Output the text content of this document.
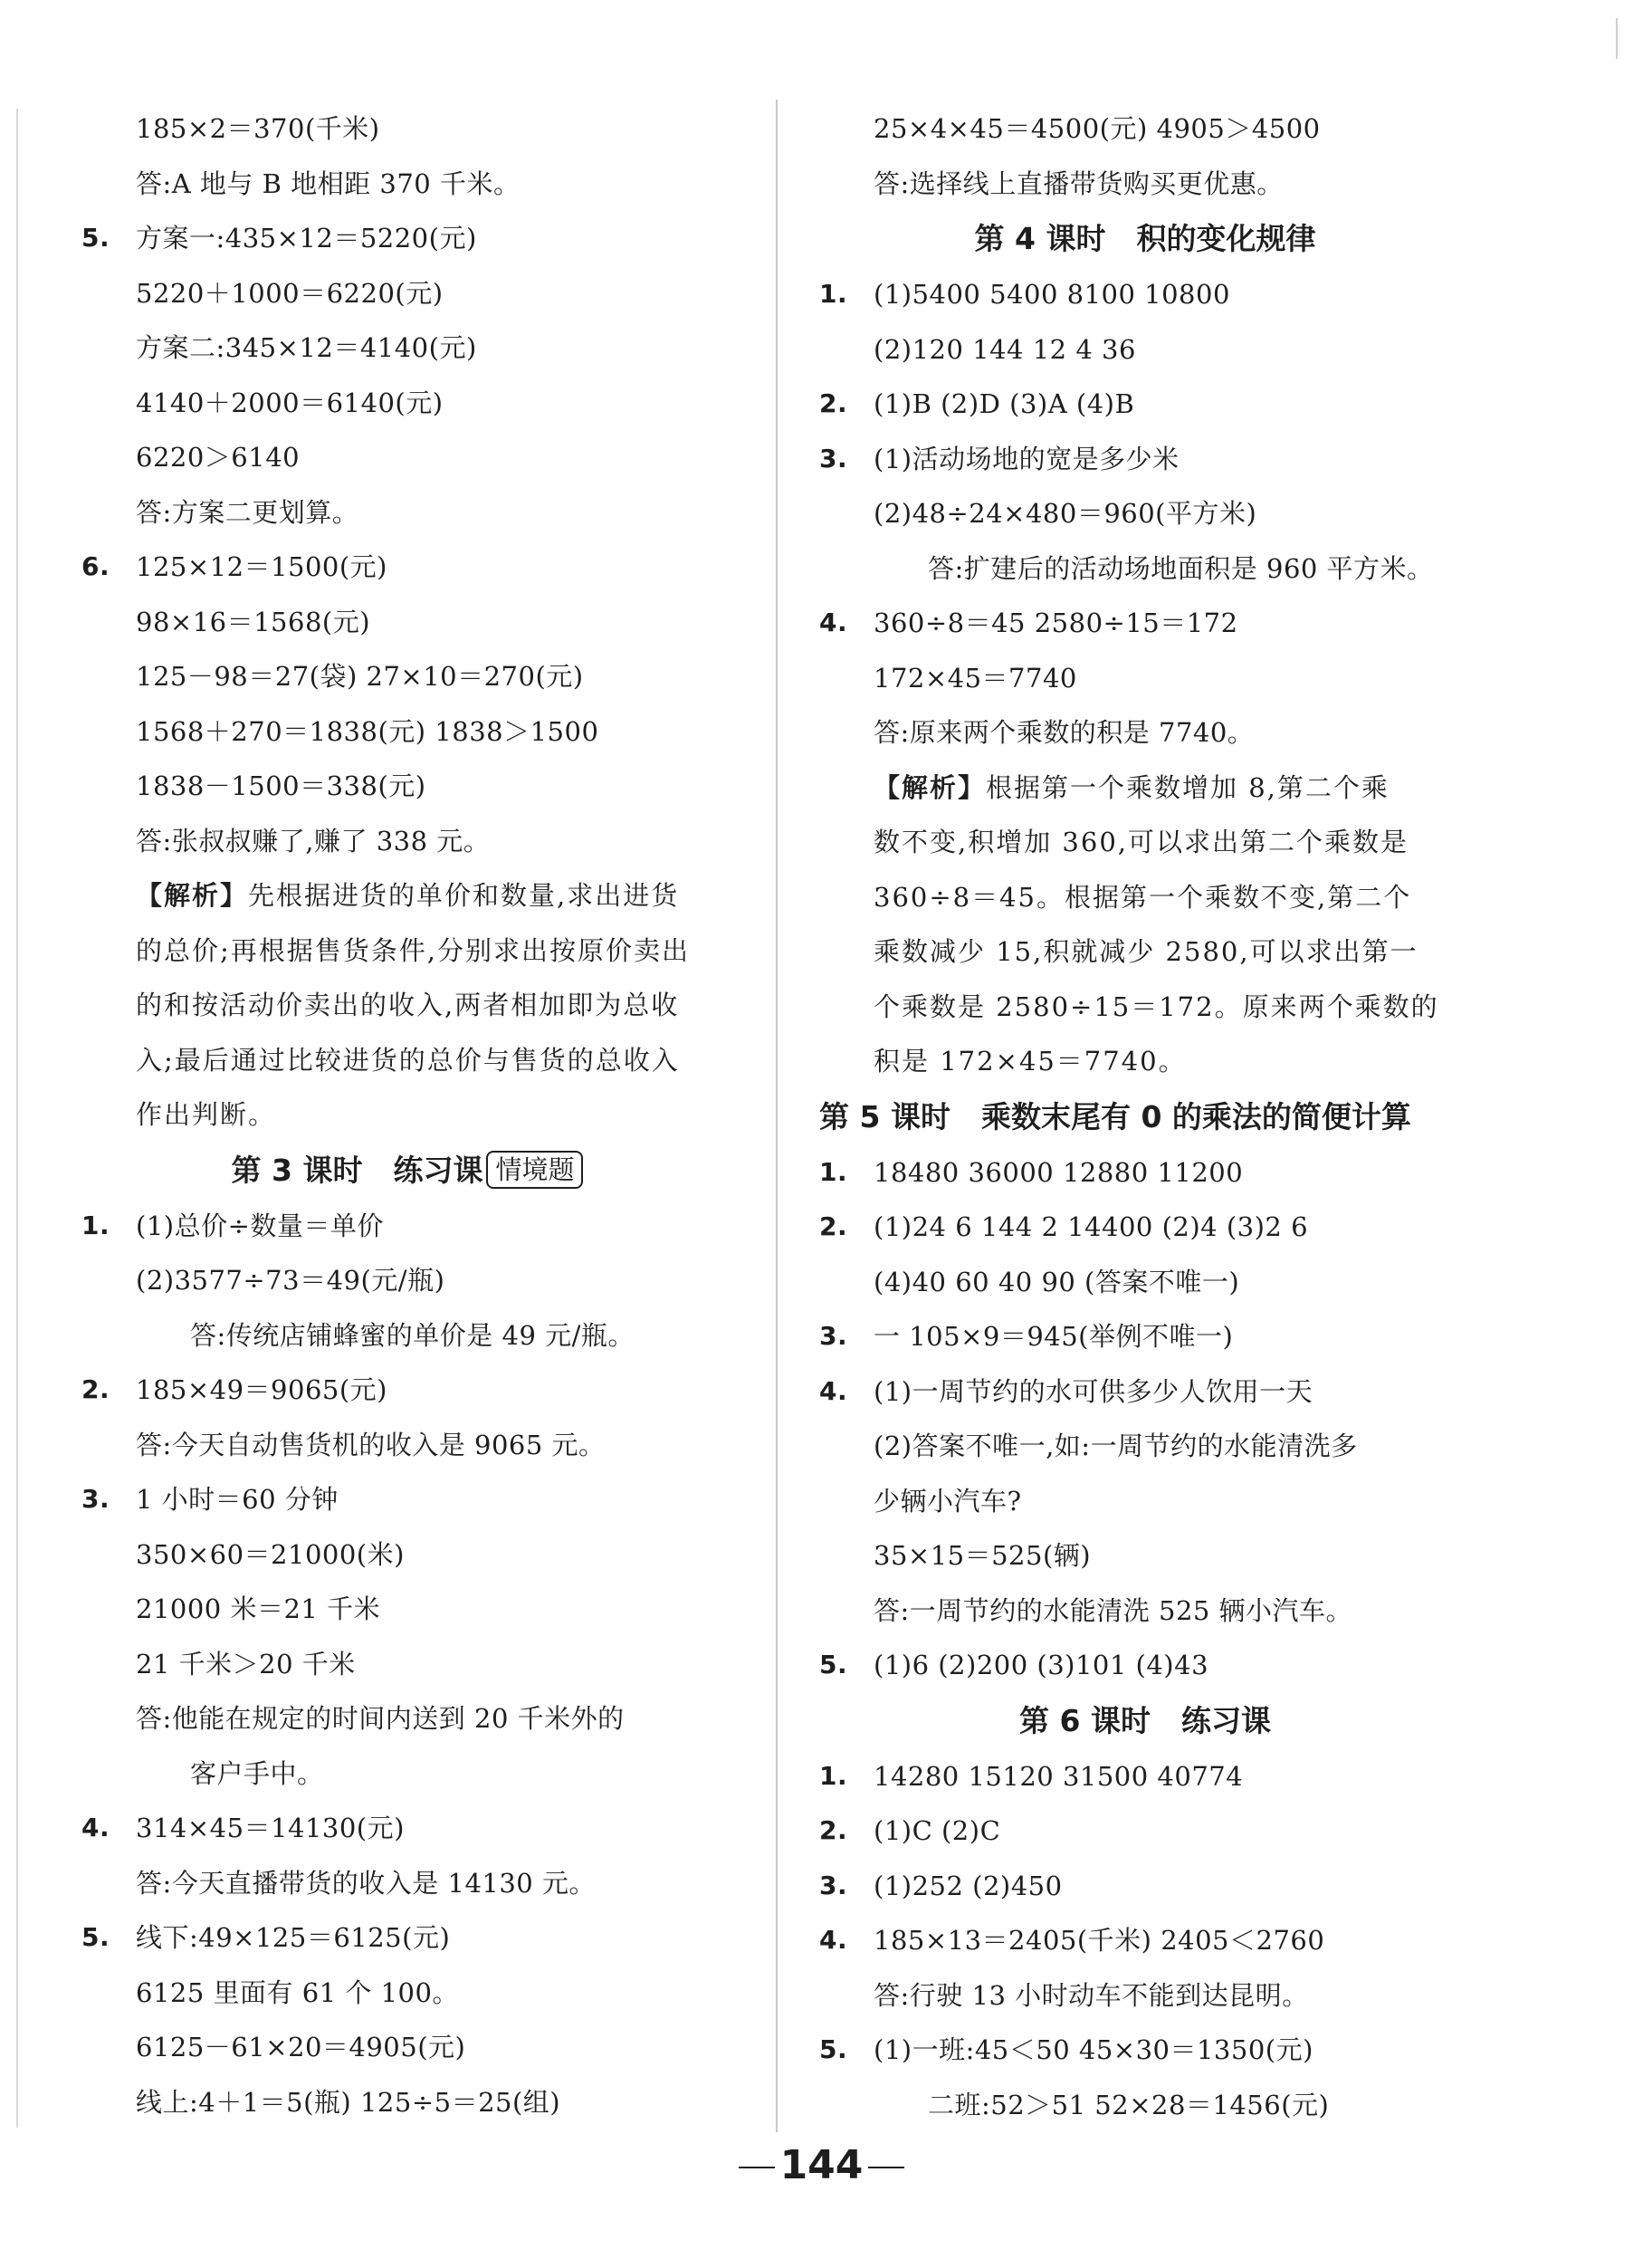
185×2＝370(千米)
答:A 地与 B 地相距 370 千米。
5. 方案一:435×12＝5220(元)
5220＋1000＝6220(元)
方案二:345×12＝4140(元)
4140＋2000＝6140(元)
6220＞6140
答:方案二更划算。
6. 125×12＝1500(元)
98×16＝1568(元)
125－98＝27(袋) 27×10＝270(元)
1568＋270＝1838(元) 1838＞1500
1838－1500＝338(元)
答:张叔叔赚了,赚了 338 元。
【解析】先根据进货的单价和数量,求出进货
的总价;再根据售货条件,分别求出按原价卖出
的和按活动价卖出的收入,两者相加即为总收
入;最后通过比较进货的总价与售货的总收入
作出判断。
第 3 课时 练习课 情境题
1. (1)总价÷数量＝单价
(2)3577÷73＝49(元/瓶)
答:传统店铺蜂蜜的单价是 49 元/瓶。
2. 185×49＝9065(元)
答:今天自动售货机的收入是 9065 元。
3. 1 小时＝60 分钟
350×60＝21000(米)
21000 米＝21 千米
21 千米＞20 千米
答:他能在规定的时间内送到 20 千米外的
客户手中。
4. 314×45＝14130(元)
答:今天直播带货的收入是 14130 元。
5. 线下:49×125＝6125(元)
6125 里面有 61 个 100。
6125－61×20＝4905(元)
线上:4＋1＝5(瓶) 125÷5＝25(组)
25×4×45＝4500(元) 4905＞4500
答:选择线上直播带货购买更优惠。
第 4 课时 积的变化规律
1. (1)5400 5400 8100 10800
(2)120 144 12 4 36
2. (1)B (2)D (3)A (4)B
3. (1)活动场地的宽是多少米
(2)48÷24×480＝960(平方米)
答:扩建后的活动场地面积是 960 平方米。
4. 360÷8＝45 2580÷15＝172
172×45＝7740
答:原来两个乘数的积是 7740。
【解析】根据第一个乘数增加 8,第二个乘
数不变,积增加 360,可以求出第二个乘数是
360÷8＝45。根据第一个乘数不变,第二个
乘数减少 15,积就减少 2580,可以求出第一
个乘数是 2580÷15＝172。原来两个乘数的
积是 172×45＝7740。
第 5 课时 乘数末尾有 0 的乘法的简便计算
1. 18480 36000 12880 11200
2. (1)24 6 144 2 14400 (2)4 (3)2 6
(4)40 60 40 90 (答案不唯一)
3. 一 105×9＝945(举例不唯一)
4. (1)一周节约的水可供多少人饮用一天
(2)答案不唯一,如:一周节约的水能清洗多
少辆小汽车?
35×15＝525(辆)
答:一周节约的水能清洗 525 辆小汽车。
5. (1)6 (2)200 (3)101 (4)43
第 6 课时 练习课
1. 14280 15120 31500 40774
2. (1)C (2)C
3. (1)252 (2)450
4. 185×13＝2405(千米) 2405＜2760
答:行驶 13 小时动车不能到达昆明。
5. (1)一班:45＜50 45×30＝1350(元)
二班:52＞51 52×28＝1456(元)
144
